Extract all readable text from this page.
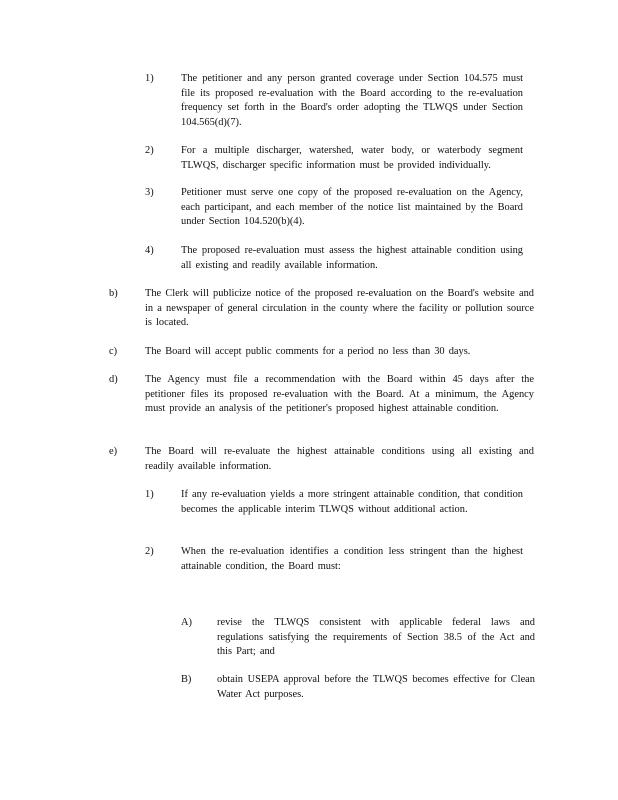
1)	The petitioner and any person granted coverage under Section 104.575 must file its proposed re-evaluation with the Board according to the re-evaluation frequency set forth in the Board's order adopting the TLWQS under Section 104.565(d)(7).
2)	For a multiple discharger, watershed, water body, or waterbody segment TLWQS, discharger specific information must be provided individually.
3)	Petitioner must serve one copy of the proposed re-evaluation on the Agency, each participant, and each member of the notice list maintained by the Board under Section 104.520(b)(4).
4)	The proposed re-evaluation must assess the highest attainable condition using all existing and readily available information.
b)	The Clerk will publicize notice of the proposed re-evaluation on the Board's website and in a newspaper of general circulation in the county where the facility or pollution source is located.
c)	The Board will accept public comments for a period no less than 30 days.
d)	The Agency must file a recommendation with the Board within 45 days after the petitioner files its proposed re-evaluation with the Board. At a minimum, the Agency must provide an analysis of the petitioner's proposed highest attainable condition.
e)	The Board will re-evaluate the highest attainable conditions using all existing and readily available information.
1)	If any re-evaluation yields a more stringent attainable condition, that condition becomes the applicable interim TLWQS without additional action.
2)	When the re-evaluation identifies a condition less stringent than the highest attainable condition, the Board must:
A) revise the TLWQS consistent with applicable federal laws and regulations satisfying the requirements of Section 38.5 of the Act and this Part; and
B) obtain USEPA approval before the TLWQS becomes effective for Clean Water Act purposes.
